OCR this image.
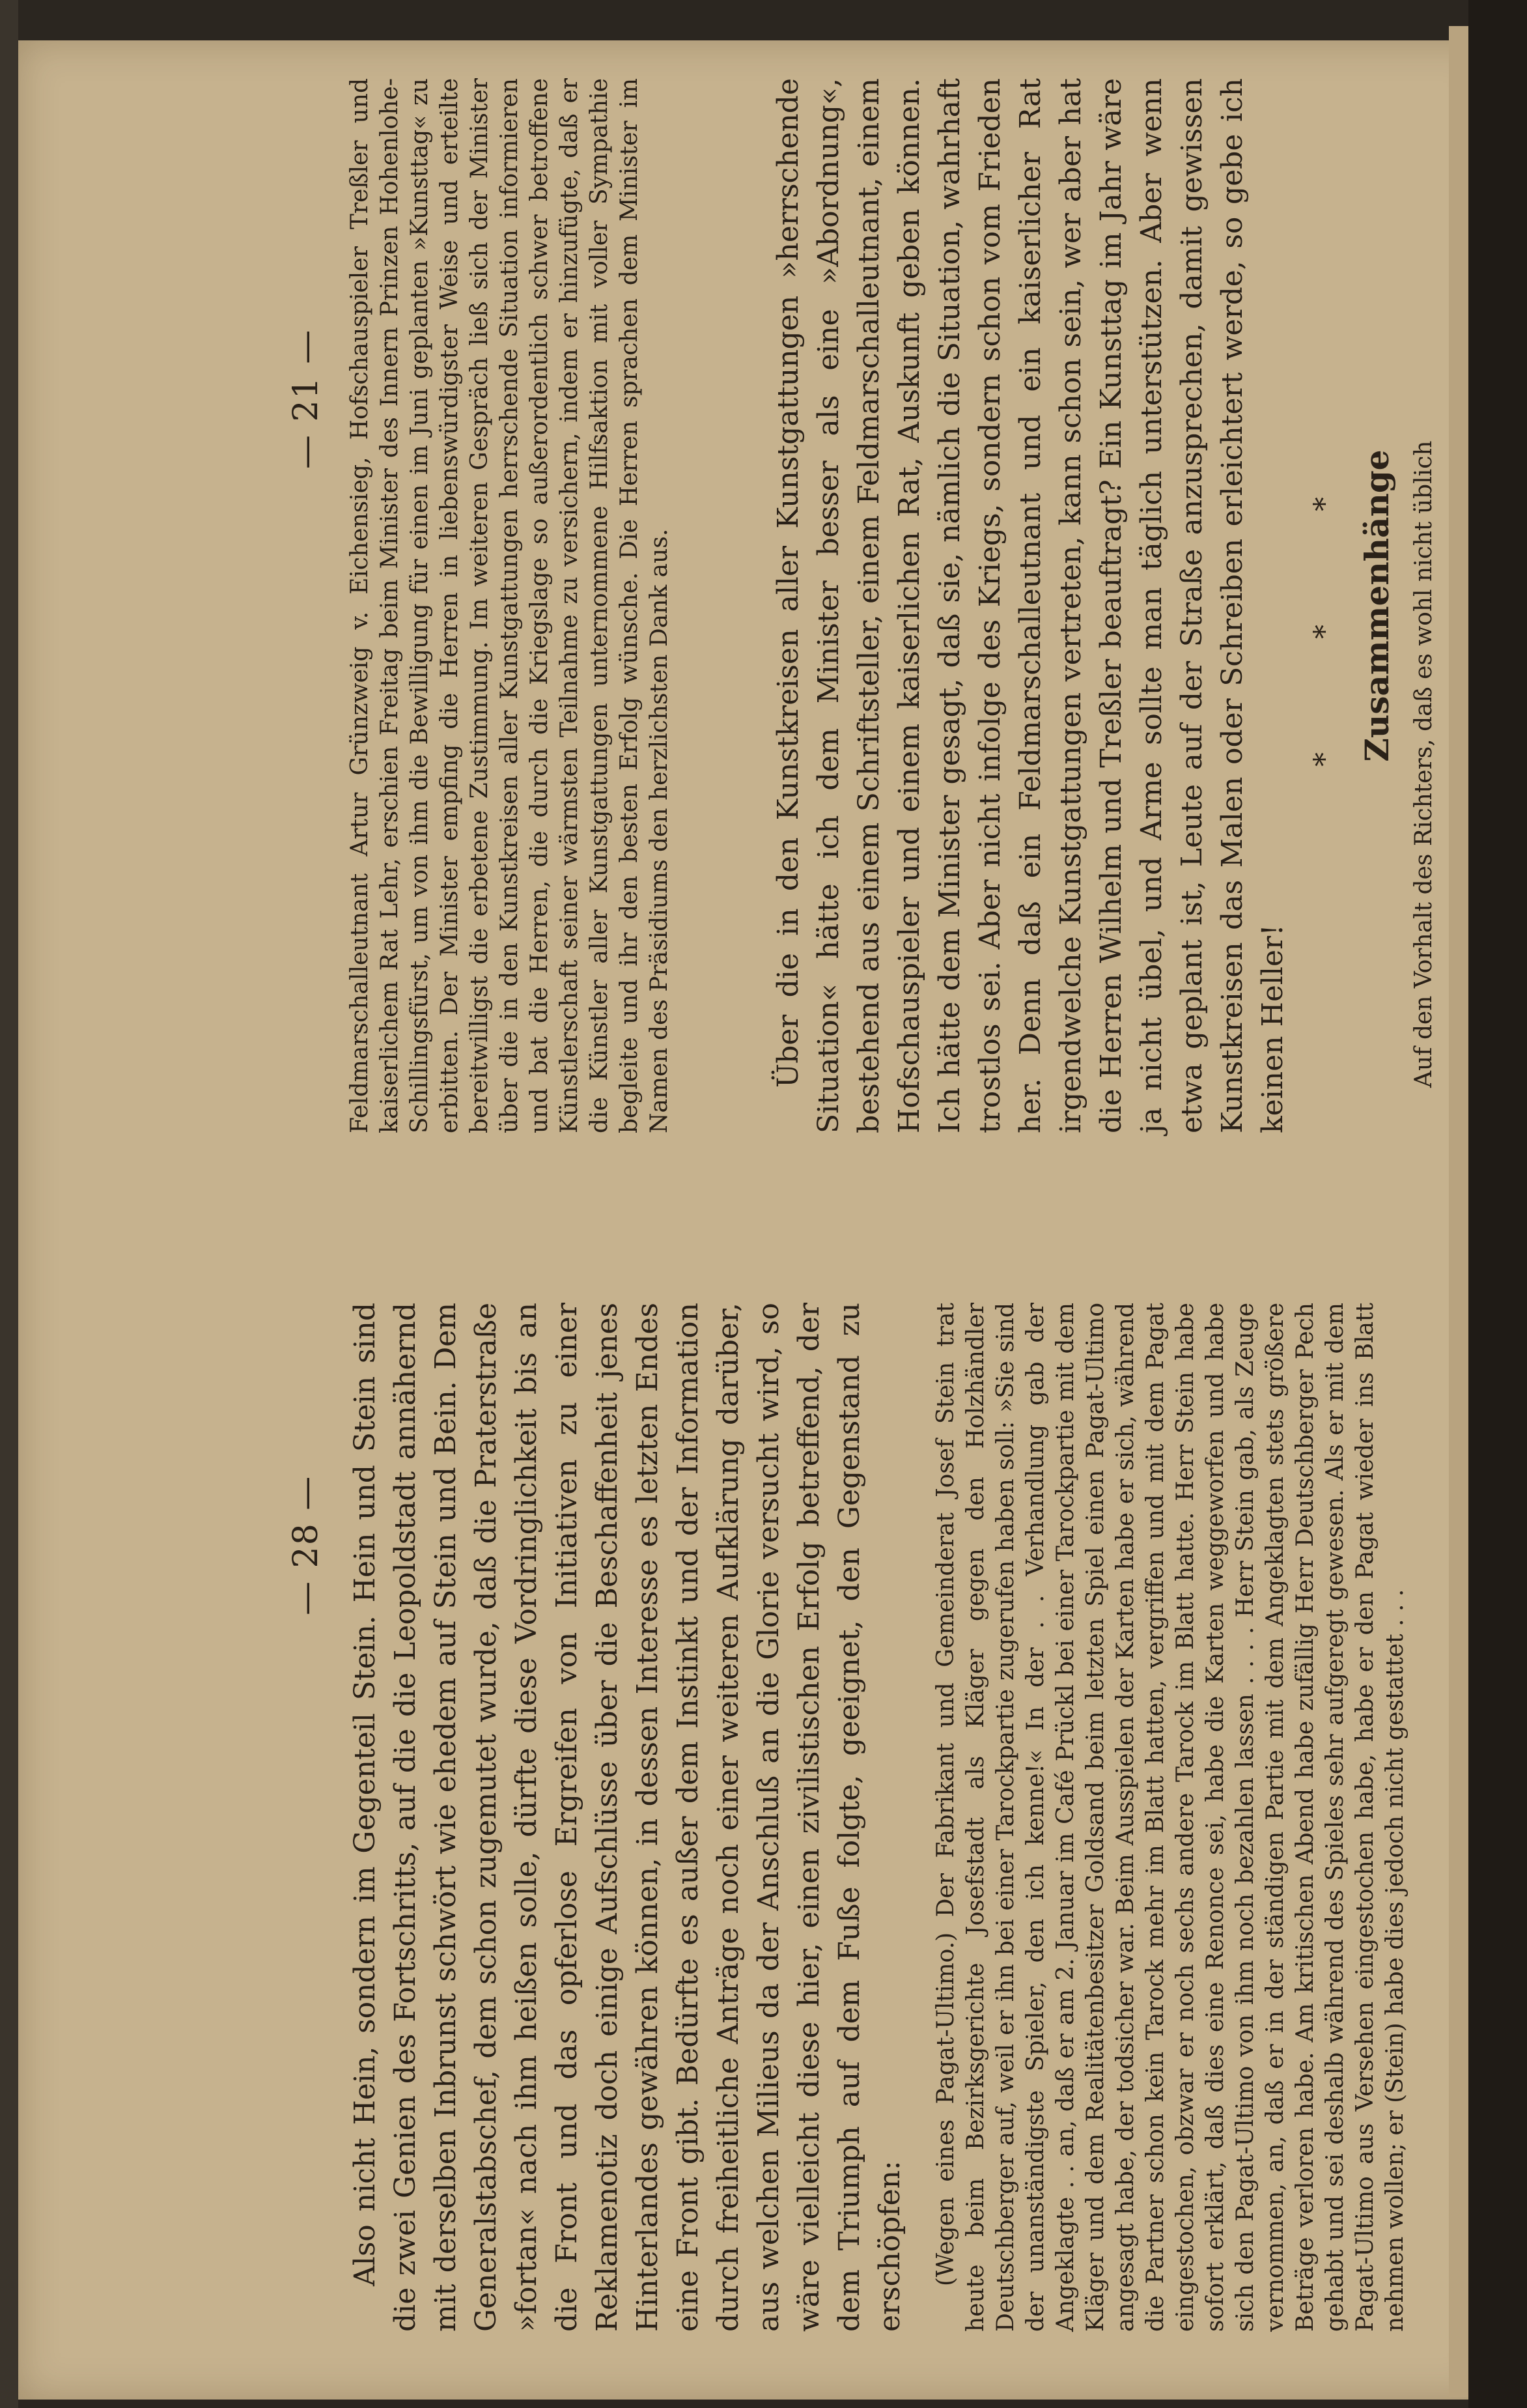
— 28 — Also nicht Hein, sondern im Gegenteil Stein. Hein und Stein sind die zwei Genien des Fortschritts, auf die die Leopoldstadt annähernd mit derselben Inbrunst schwört wie ehedem auf Stein und Bein. Dem Generalstabschef, dem schon zugemutet wurde, daß die Praterstraße »fortan« nach ihm heißen solle, dürfte diese Vordringlichkeit bis an die Front und das opferlose Ergreifen von Initiativen zu einer Reklamenotiz doch einige Aufschlüsse über die Beschaffenheit jenes Hinterlandes gewähren können, in dessen Interesse es letzten Endes eine Front gibt. Bedürfte es außer dem Instinkt und der Information durch freiheitliche Anträge noch einer weiteren Aufklärung darüber, aus welchen Milieus da der Anschluß an die Glorie versucht wird, so wäre vielleicht diese hier, einen zivilistischen Erfolg betreffend, der dem Triumph auf dem Fuße folgte, geeignet, den Gegenstand zu erschöpfen: (Wegen eines Pagat-Ultimo.) Der Fabrikant und Gemeinderat Josef Stein trat heute beim Bezirksgerichte Josefstadt als Kläger gegen den Holzhändler Deutschberger auf, weil er ihn bei einer Tarockpartie zugerufen haben soll: »Sie sind der unanständigste Spieler, den ich kenne!« In der . . Verhandlung gab der Angeklagte . . an, daß er am 2. Januar im Café Prückl bei einer Tarockpartie mit dem Kläger und dem Realitätenbesitzer Goldsand beim letzten Spiel einen Pagat-Ultimo angesagt habe, der todsicher war. Beim Ausspielen der Karten habe er sich, während die Partner schon kein Tarock mehr im Blatt hatten, vergriffen und mit dem Pagat eingestochen, obzwar er noch sechs andere Tarock im Blatt hatte. Herr Stein habe sofort erklärt, daß dies eine Renonce sei, habe die Karten weggeworfen und habe sich den Pagat-Ultimo von ihm noch bezahlen lassen . . . . Herr Stein gab, als Zeuge vernommen, an, daß er in der ständigen Partie mit dem Angeklagten stets größere Beträge verloren habe. Am kritischen Abend habe zufällig Herr Deutschberger Pech gehabt und sei deshalb während des Spieles sehr aufgeregt gewesen. Als er mit dem Pagat-Ultimo aus Versehen eingestochen habe, habe er den Pagat wieder ins Blatt nehmen wollen; er (Stein) habe dies jedoch nicht gestattet . . .

— 21 — Feldmarschalleutnant Artur Grünzweig v. Eichensieg, Hofschauspieler Treßler und kaiserlichem Rat Lehr, erschien Freitag beim Minister des Innern Prinzen Hohenlohe-Schillingsfürst, um von ihm die Bewilligung für einen im Juni geplanten »Kunsttag« zu erbitten. Der Minister empfing die Herren in liebenswürdigster Weise und erteilte bereitwilligst die erbetene Zustimmung. Im weiteren Gespräch ließ sich der Minister über die in den Kunstkreisen aller Kunstgattungen herrschende Situation informieren und bat die Herren, die durch die Kriegslage so außerordentlich schwer betroffene Künstlerschaft seiner wärmsten Teilnahme zu versichern, indem er hinzufügte, daß er die Künstler aller Kunstgattungen unternommene Hilfsaktion mit voller Sympathie begleite und ihr den besten Erfolg wünsche. Die Herren sprachen dem Minister im Namen des Präsidiums den herzlichsten Dank aus.	Über die in den Kunstkreisen aller Kunstgattungen »herrschende Situation« hätte ich dem Minister besser als eine »Abordnung«, bestehend aus einem Schriftsteller, einem Feldmarschalleutnant, einem Hofschauspieler und einem kaiserlichen Rat, Auskunft geben können. Ich hätte dem Minister gesagt, daß sie, nämlich die Situation, wahrhaft trostlos sei. Aber nicht infolge des Kriegs, sondern schon vom Frieden her. Denn daß ein Feldmarschalleutnant und ein kaiserlicher Rat irgendwelche Kunstgattungen vertreten, kann schon sein, wer aber hat die Herren Wilhelm und Treßler beauftragt? Ein Kunsttag im Jahr wäre ja nicht übel, und Arme sollte man täglich unterstützen. Aber wenn etwa geplant ist, Leute auf der Straße anzusprechen, damit gewissen Kunstkreisen das Malen oder Schreiben erleichtert werde, so gebe ich keinen Heller!

* * * Zusammenhänge Auf den Vorhalt des Richters, daß es wohl nicht üblich
